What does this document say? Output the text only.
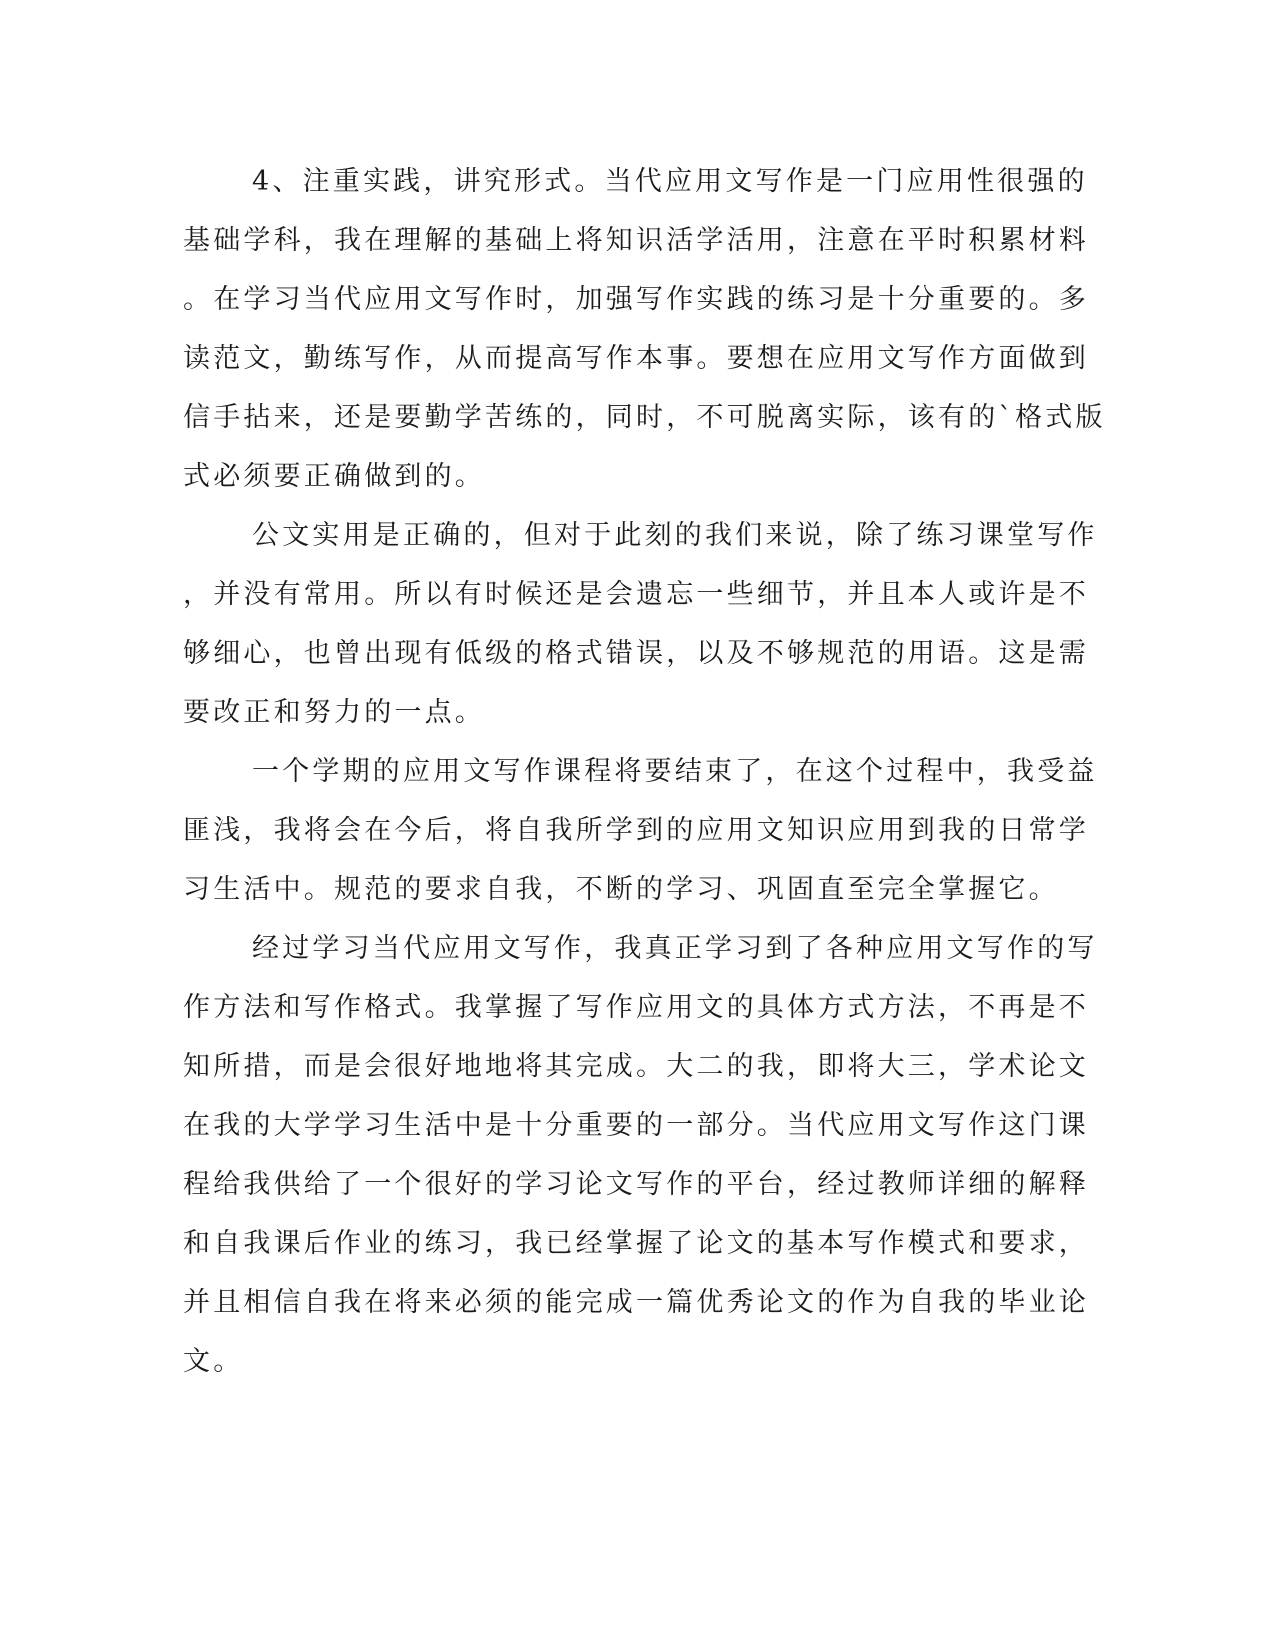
4、注重实践，讲究形式。当代应用文写作是一门应用性很强的
基础学科，我在理解的基础上将知识活学活用，注意在平时积累材料
。在学习当代应用文写作时，加强写作实践的练习是十分重要的。多
读范文，勤练写作，从而提高写作本事。要想在应用文写作方面做到
信手拈来，还是要勤学苦练的，同时，不可脱离实际，该有的`格式版
式必须要正确做到的。
公文实用是正确的，但对于此刻的我们来说，除了练习课堂写作
，并没有常用。所以有时候还是会遗忘一些细节，并且本人或许是不
够细心，也曾出现有低级的格式错误，以及不够规范的用语。这是需
要改正和努力的一点。
一个学期的应用文写作课程将要结束了，在这个过程中，我受益
匪浅，我将会在今后，将自我所学到的应用文知识应用到我的日常学
习生活中。规范的要求自我，不断的学习、巩固直至完全掌握它。
经过学习当代应用文写作，我真正学习到了各种应用文写作的写
作方法和写作格式。我掌握了写作应用文的具体方式方法，不再是不
知所措，而是会很好地地将其完成。大二的我，即将大三，学术论文
在我的大学学习生活中是十分重要的一部分。当代应用文写作这门课
程给我供给了一个很好的学习论文写作的平台，经过教师详细的解释
和自我课后作业的练习，我已经掌握了论文的基本写作模式和要求，
并且相信自我在将来必须的能完成一篇优秀论文的作为自我的毕业论
文。
